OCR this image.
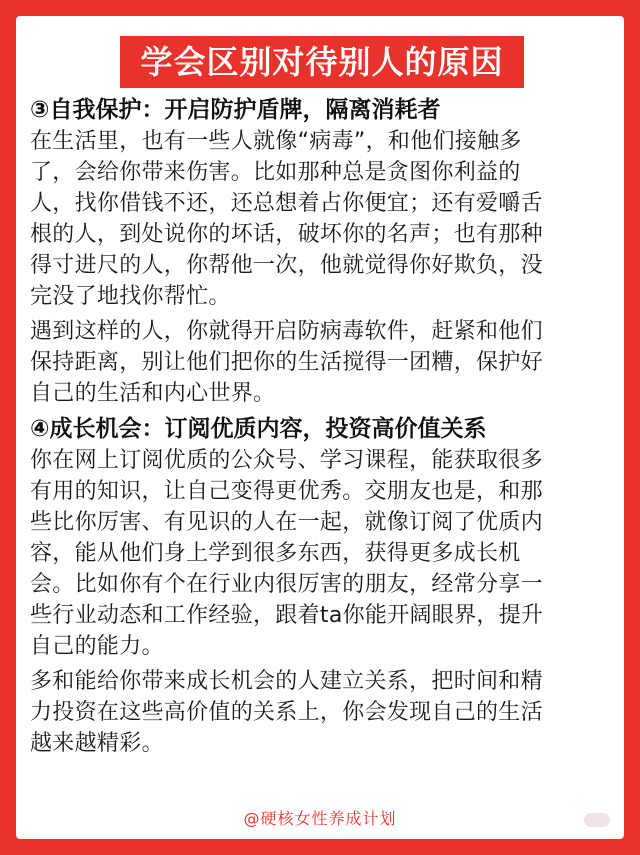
学会区别对待别人的原因
③自我保护：开启防护盾牌，隔离消耗者
在生活里，也有一些人就像“病毒”，和他们接触多
了，会给你带来伤害。比如那种总是贪图你利益的
人，找你借钱不还，还总想着占你便宜；还有爱嚼舌
根的人，到处说你的坏话，破坏你的名声；也有那种
得寸进尺的人，你帮他一次，他就觉得你好欺负，没
完没了地找你帮忙。
遇到这样的人，你就得开启防病毒软件，赶紧和他们
保持距离，别让他们把你的生活搅得一团糟，保护好
自己的生活和内心世界。
④成长机会：订阅优质内容，投资高价值关系
你在网上订阅优质的公众号、学习课程，能获取很多
有用的知识，让自己变得更优秀。交朋友也是，和那
些比你厉害、有见识的人在一起，就像订阅了优质内
容，能从他们身上学到很多东西，获得更多成长机
会。比如你有个在行业内很厉害的朋友，经常分享一
些行业动态和工作经验，跟着ta你能开阔眼界，提升
自己的能力。
多和能给你带来成长机会的人建立关系，把时间和精
力投资在这些高价值的关系上，你会发现自己的生活
越来越精彩。
@硬核女性养成计划
